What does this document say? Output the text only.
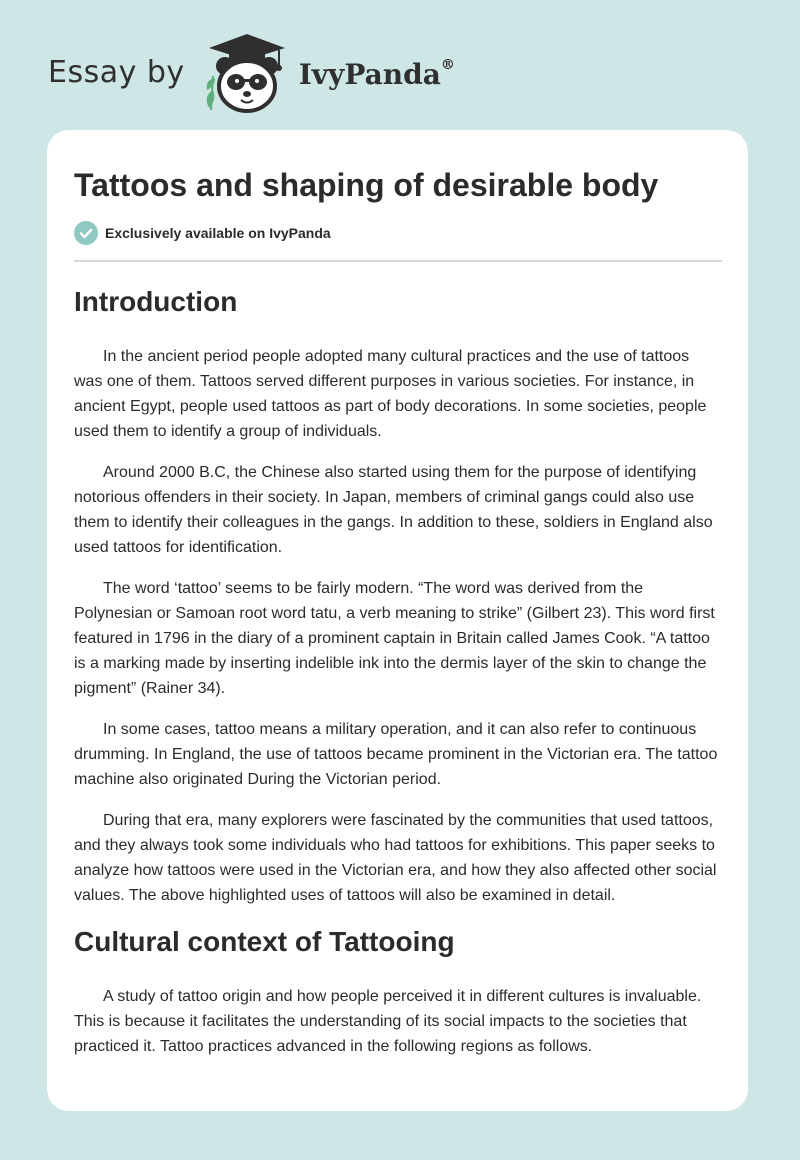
Essay by	IvyPanda®
Tattoos and shaping of desirable body
Exclusively available on IvyPanda
Introduction

In the ancient period people adopted many cultural practices and the use of tattoos was one of them. Tattoos served different purposes in various societies. For instance, in ancient Egypt, people used tattoos as part of body decorations. In some societies, people used them to identify a group of individuals.

Around 2000 B.C, the Chinese also started using them for the purpose of identifying notorious offenders in their society. In Japan, members of criminal gangs could also use them to identify their colleagues in the gangs. In addition to these, soldiers in England also used tattoos for identification.

The word ‘tattoo’ seems to be fairly modern. “The word was derived from the Polynesian or Samoan root word tatu, a verb meaning to strike” (Gilbert 23). This word first featured in 1796 in the diary of a prominent captain in Britain called James Cook. “A tattoo is a marking made by inserting indelible ink into the dermis layer of the skin to change the pigment” (Rainer 34).

In some cases, tattoo means a military operation, and it can also refer to continuous drumming. In England, the use of tattoos became prominent in the Victorian era. The tattoo machine also originated During the Victorian period.

During that era, many explorers were fascinated by the communities that used tattoos, and they always took some individuals who had tattoos for exhibitions. This paper seeks to analyze how tattoos were used in the Victorian era, and how they also affected other social values. The above highlighted uses of tattoos will also be examined in detail.

Cultural context of Tattooing

A study of tattoo origin and how people perceived it in different cultures is invaluable. This is because it facilitates the understanding of its social impacts to the societies that practiced it. Tattoo practices advanced in the following regions as follows.
